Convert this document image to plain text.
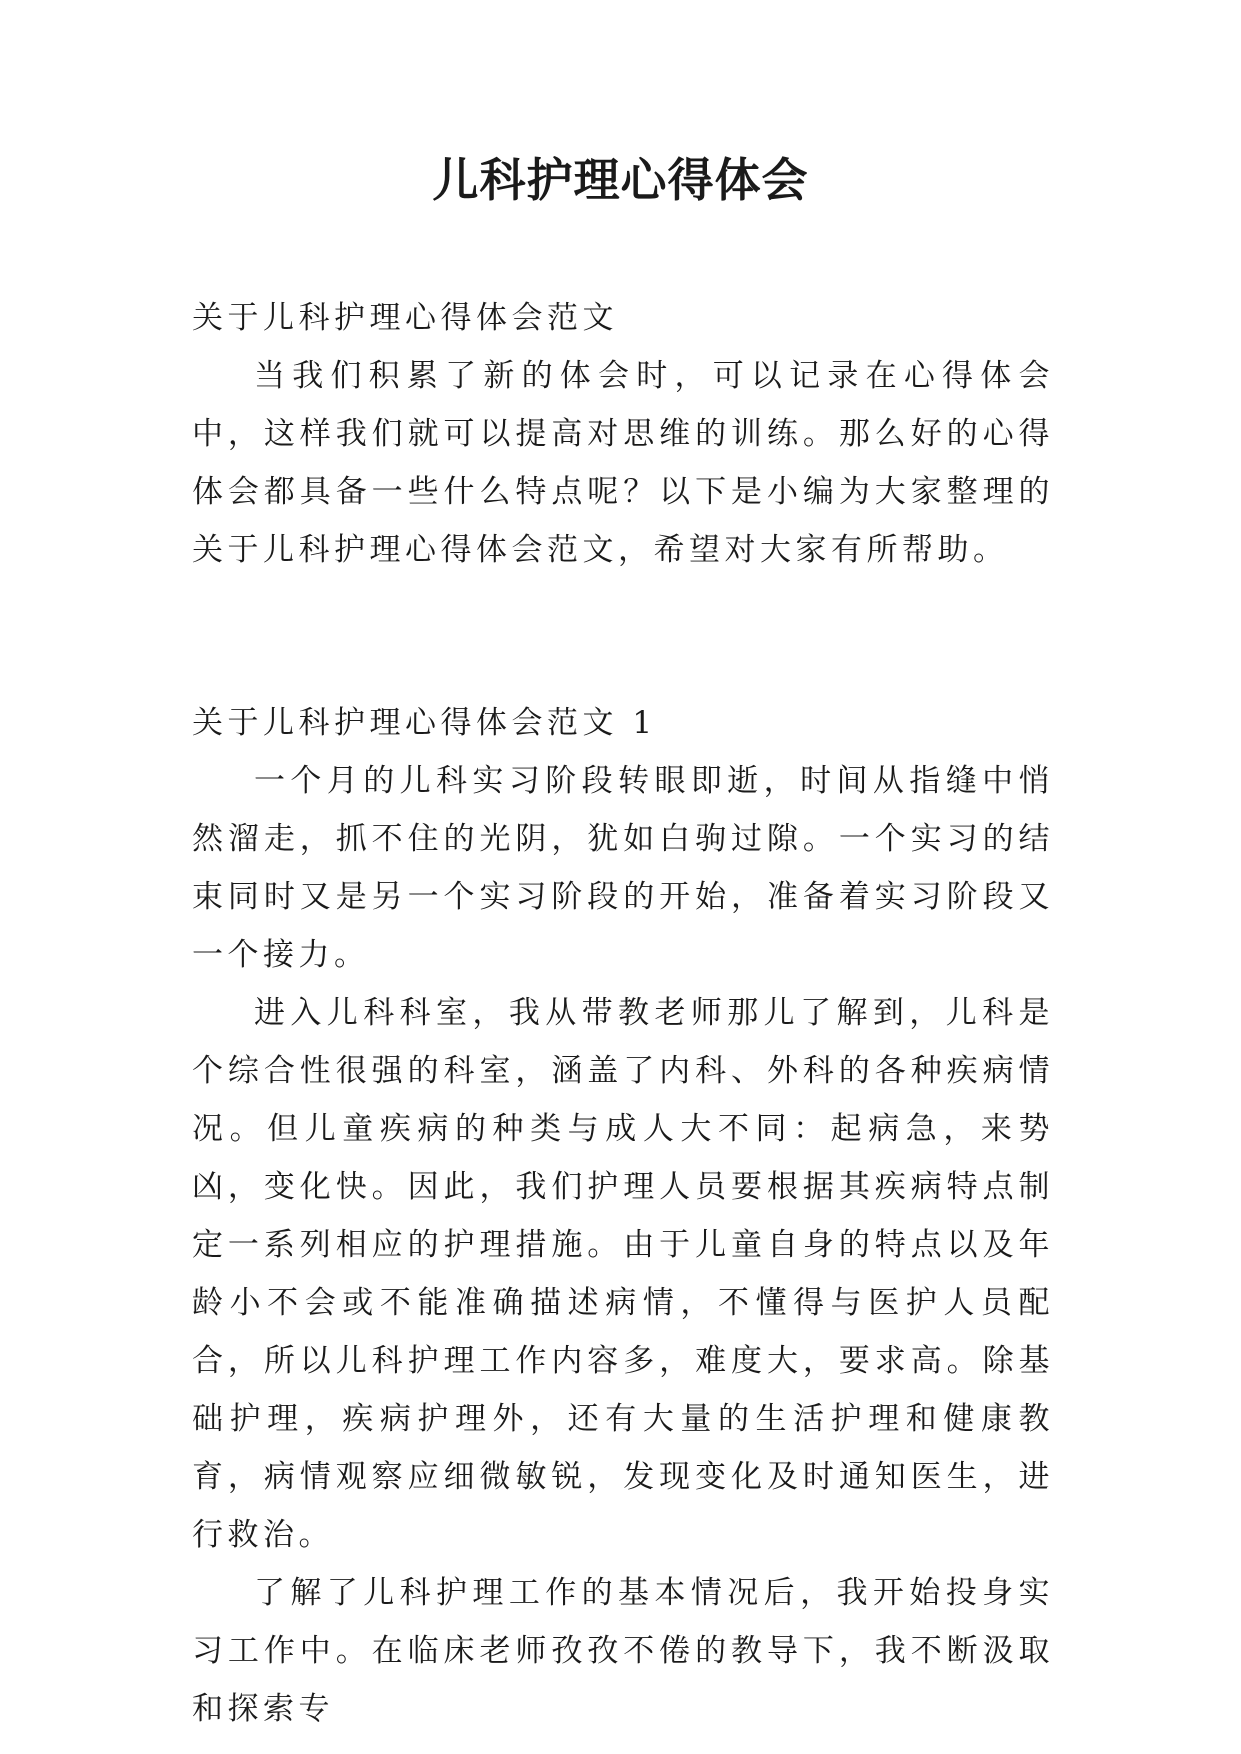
儿科护理心得体会
关于儿科护理心得体会范文

当我们积累了新的体会时，可以记录在心得体会中，这样我们就可以提高对思维的训练。那么好的心得体会都具备一些什么特点呢？以下是小编为大家整理的关于儿科护理心得体会范文，希望对大家有所帮助。

关于儿科护理心得体会范文 1

一个月的儿科实习阶段转眼即逝，时间从指缝中悄然溜走，抓不住的光阴，犹如白驹过隙。一个实习的结束同时又是另一个实习阶段的开始，准备着实习阶段又一个接力。

进入儿科科室，我从带教老师那儿了解到，儿科是个综合性很强的科室，涵盖了内科、外科的各种疾病情况。但儿童疾病的种类与成人大不同：起病急，来势凶，变化快。因此，我们护理人员要根据其疾病特点制定一系列相应的护理措施。由于儿童自身的特点以及年龄小不会或不能准确描述病情，不懂得与医护人员配合，所以儿科护理工作内容多，难度大，要求高。除基础护理，疾病护理外，还有大量的生活护理和健康教育，病情观察应细微敏锐，发现变化及时通知医生，进行救治。

了解了儿科护理工作的基本情况后，我开始投身实习工作中。在临床老师孜孜不倦的教导下，我不断汲取和探索专
